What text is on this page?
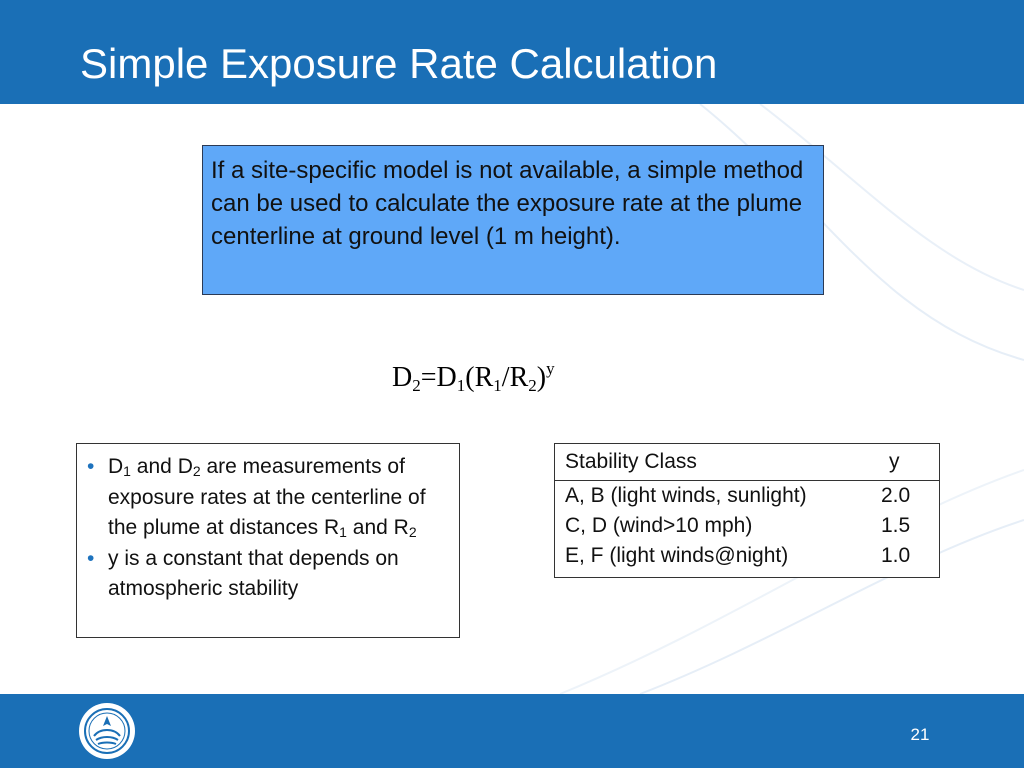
Simple Exposure Rate Calculation

If a site-specific model is not available, a simple method can be used to calculate the exposure rate at the plume centerline at ground level (1 m height).

$D_2=D_1(R_1/R_2)^y$
• $D_1$ and $D_2$ are measurements of exposure rates at the centerline of the plume at distances $R_1$ and $R_2$
• y is a constant that depends on atmospheric stability
Stability Class	y
A, B (light winds, sunlight)	2.0
C, D (wind>10 mph)	1.5
E, F (light winds@night)	1.0
21
